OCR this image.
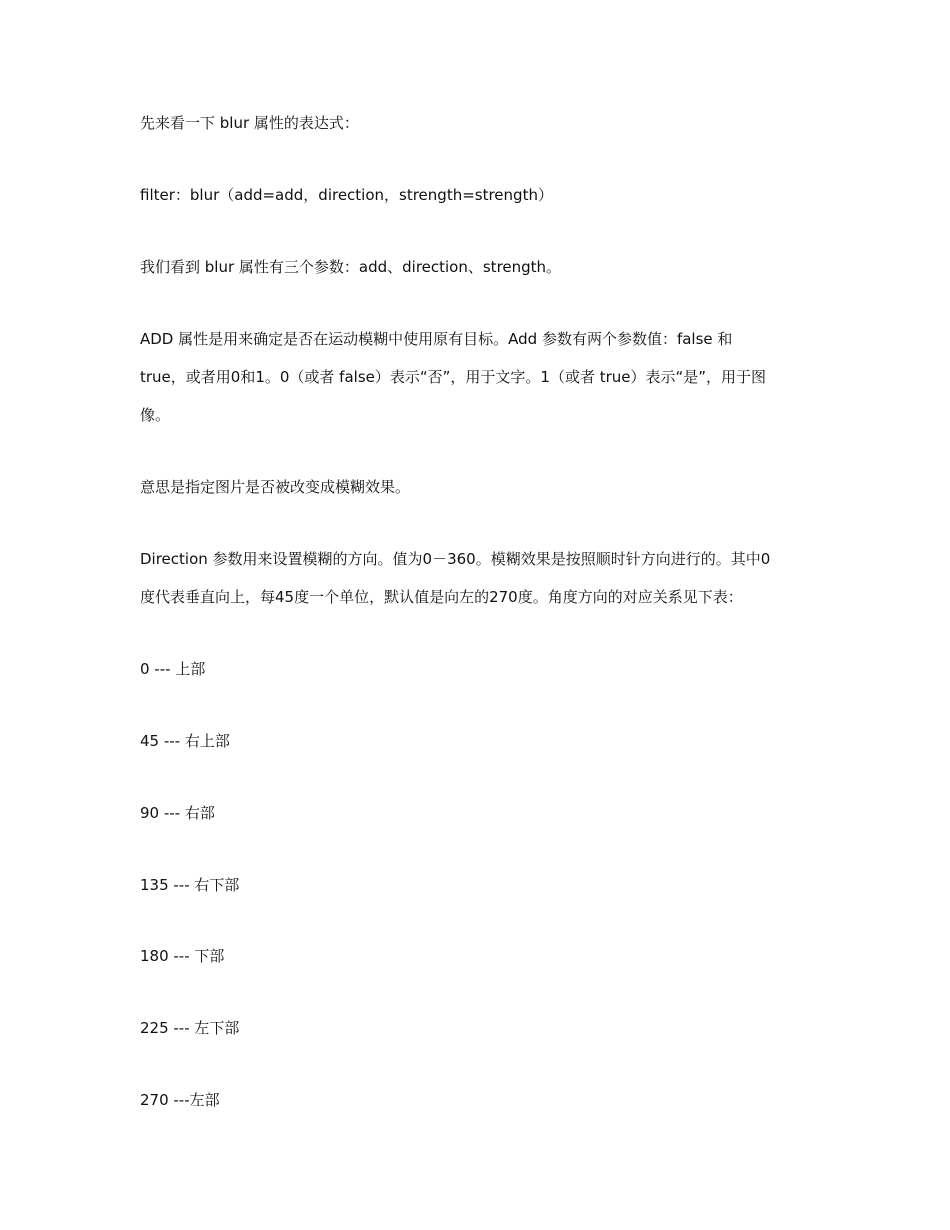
先来看一下 blur 属性的表达式：
filter：blur（add=add，direction，strength=strength）
我们看到 blur 属性有三个参数：add、direction、strength。
ADD 属性是用来确定是否在运动模糊中使用原有目标。Add 参数有两个参数值：false 和
true，或者用0和1。0（或者 false）表示“否”，用于文字。1（或者 true）表示“是”，用于图
像。
意思是指定图片是否被改变成模糊效果。
Direction 参数用来设置模糊的方向。值为0－360。模糊效果是按照顺时针方向进行的。其中0
度代表垂直向上，每45度一个单位，默认值是向左的270度。角度方向的对应关系见下表：
0 --- 上部
45 --- 右上部
90 --- 右部
135 --- 右下部
180 --- 下部
225 --- 左下部
270 ---左部
